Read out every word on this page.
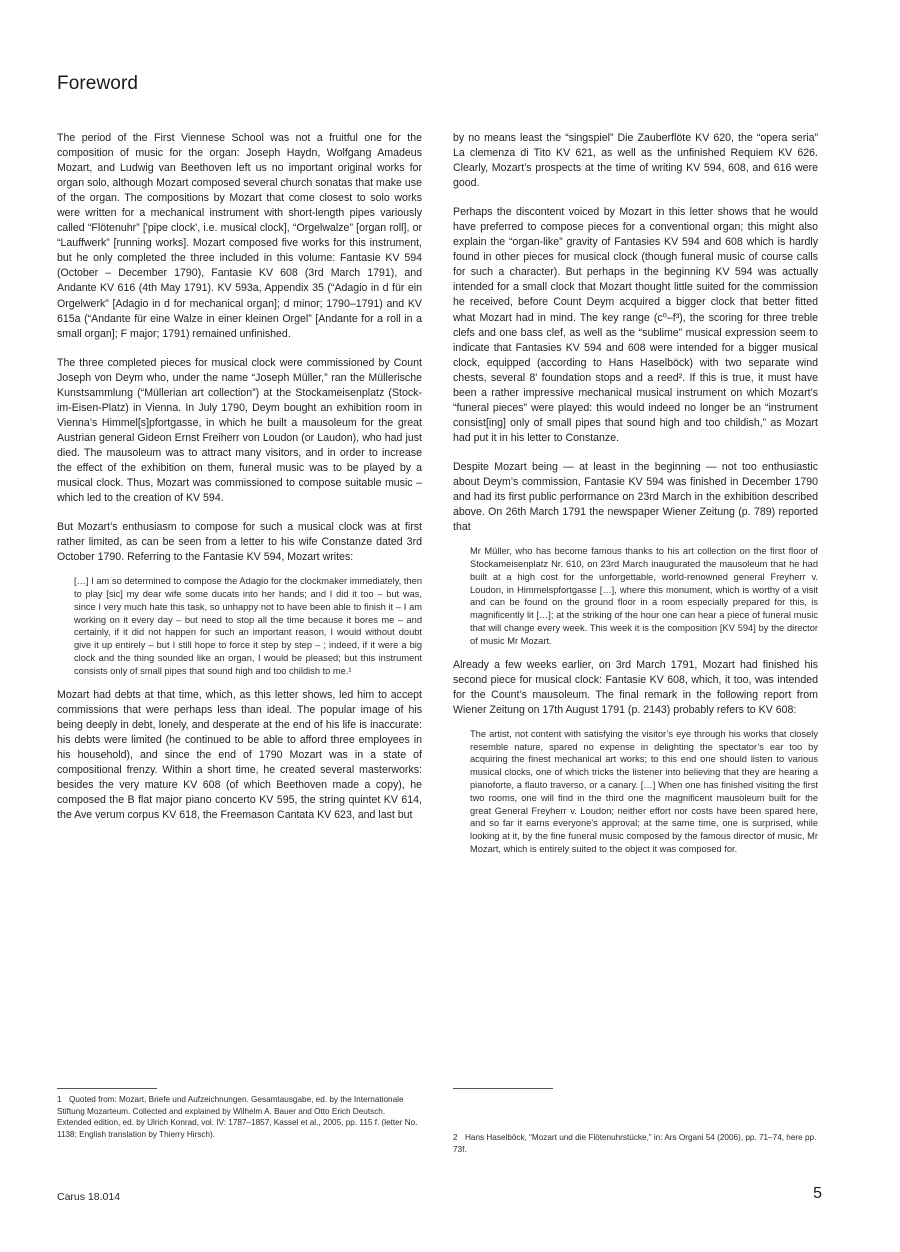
Foreword

The period of the First Viennese School was not a fruitful one for the composition of music for the organ: Joseph Haydn, Wolfgang Amadeus Mozart, and Ludwig van Beethoven left us no important original works for organ solo, although Mozart composed several church sonatas that make use of the organ. The compositions by Mozart that come closest to solo works were written for a mechanical instrument with short-length pipes variously called “Flötenuhr” ['pipe clock', i.e. musical clock], “Orgelwalze” [organ roll], or “Lauffwerk” [running works]. Mozart composed five works for this instrument, but he only completed the three included in this volume: Fantasie KV 594 (October – December 1790), Fantasie KV 608 (3rd March 1791), and Andante KV 616 (4th May 1791). KV 593a, Appendix 35 (“Adagio in d für ein Orgelwerk” [Adagio in d for mechanical organ]; d minor; 1790–1791) and KV 615a (“Andante für eine Walze in einer kleinen Orgel” [Andante for a roll in a small organ]; F major; 1791) remained unfinished.

The three completed pieces for musical clock were commissioned by Count Joseph von Deym who, under the name “Joseph Müller,” ran the Müllerische Kunstsammlung (“Müllerian art collection”) at the Stockameisenplatz (Stock-im-Eisen-Platz) in Vienna. In July 1790, Deym bought an exhibition room in Vienna’s Himmel[s]pfortgasse, in which he built a mausoleum for the great Austrian general Gideon Ernst Freiherr von Loudon (or Laudon), who had just died. The mausoleum was to attract many visitors, and in order to increase the effect of the exhibition on them, funeral music was to be played by a musical clock. Thus, Mozart was commissioned to compose suitable music – which led to the creation of KV 594.

But Mozart’s enthusiasm to compose for such a musical clock was at first rather limited, as can be seen from a letter to his wife Constanze dated 3rd October 1790. Referring to the Fantasie KV 594, Mozart writes:

[…] I am so determined to compose the Adagio for the clockmaker immediately, then to play [sic] my dear wife some ducats into her hands; and I did it too – but was, since I very much hate this task, so unhappy not to have been able to finish it – I am working on it every day – but need to stop all the time because it bores me – and certainly, if it did not happen for such an important reason, I would without doubt give it up entirely – but I still hope to force it step by step – ; indeed, if it were a big clock and the thing sounded like an organ, I would be pleased; but this instrument consists only of small pipes that sound high and too childish to me.¹

Mozart had debts at that time, which, as this letter shows, led him to accept commissions that were perhaps less than ideal. The popular image of his being deeply in debt, lonely, and desperate at the end of his life is inaccurate: his debts were limited (he continued to be able to afford three employees in his household), and since the end of 1790 Mozart was in a state of compositional frenzy. Within a short time, he created several masterworks: besides the very mature KV 608 (of which Beethoven made a copy), he composed the B flat major piano concerto KV 595, the string quintet KV 614, the Ave verum corpus KV 618, the Freemason Cantata KV 623, and last but

by no means least the “singspiel” Die Zauberflöte KV 620, the “opera seria” La clemenza di Tito KV 621, as well as the unfinished Requiem KV 626. Clearly, Mozart’s prospects at the time of writing KV 594, 608, and 616 were good.

Perhaps the discontent voiced by Mozart in this letter shows that he would have preferred to compose pieces for a conventional organ; this might also explain the “organ-like” gravity of Fantasies KV 594 and 608 which is hardly found in other pieces for musical clock (though funeral music of course calls for such a character). But perhaps in the beginning KV 594 was actually intended for a small clock that Mozart thought little suited for the commission he received, before Count Deym acquired a bigger clock that better fitted what Mozart had in mind. The key range (c⁰–f³), the scoring for three treble clefs and one bass clef, as well as the “sublime” musical expression seem to indicate that Fantasies KV 594 and 608 were intended for a bigger musical clock, equipped (according to Hans Haselböck) with two separate wind chests, several 8' foundation stops and a reed². If this is true, it must have been a rather impressive mechanical musical instrument on which Mozart’s “funeral pieces” were played: this would indeed no longer be an “instrument consist[ing] only of small pipes that sound high and too childish,” as Mozart had put it in his letter to Constanze.

Despite Mozart being — at least in the beginning — not too enthusiastic about Deym’s commission, Fantasie KV 594 was finished in December 1790 and had its first public performance on 23rd March in the exhibition described above. On 26th March 1791 the newspaper Wiener Zeitung (p. 789) reported that

Mr Müller, who has become famous thanks to his art collection on the first floor of Stockameisenplatz Nr. 610, on 23rd March inaugurated the mausoleum that he had built at a high cost for the unforgettable, world-renowned general Freyherr v. Loudon, in Himmelspfortgasse […], where this monument, which is worthy of a visit and can be found on the ground floor in a room especially prepared for this, is magnificently lit […]; at the striking of the hour one can hear a piece of funeral music that will change every week. This week it is the composition [KV 594] by the director of music Mr Mozart.

Already a few weeks earlier, on 3rd March 1791, Mozart had finished his second piece for musical clock: Fantasie KV 608, which, it too, was intended for the Count’s mausoleum. The final remark in the following report from Wiener Zeitung on 17th August 1791 (p. 2143) probably refers to KV 608:

The artist, not content with satisfying the visitor’s eye through his works that closely resemble nature, spared no expense in delighting the spectator’s ear too by acquiring the finest mechanical art works; to this end one should listen to various musical clocks, one of which tricks the listener into believing that they are hearing a pianoforte, a flauto traverso, or a canary. […] When one has finished visiting the first two rooms, one will find in the third one the magnificent mausoleum built for the great General Freyherr v. Loudon; neither effort nor costs have been spared here, and so far it earns everyone’s approval; at the same time, one is surprised, while looking at it, by the fine funeral music composed by the famous director of music, Mr Mozart, which is entirely suited to the object it was composed for.

1 Quoted from: Mozart, Briefe und Aufzeichnungen. Gesamtausgabe, ed. by the Internationale Stiftung Mozarteum. Collected and explained by Wilhelm A. Bauer and Otto Erich Deutsch. Extended edition, ed. by Ulrich Konrad, vol. IV: 1787–1857, Kassel et al., 2005, pp. 115 f. (letter No. 1138; English translation by Thierry Hirsch).	2 Hans Haselböck, “Mozart und die Flötenuhrstücke,” in: Ars Organi 54 (2006), pp. 71–74, here pp. 73f.
Carus 18.014	5
